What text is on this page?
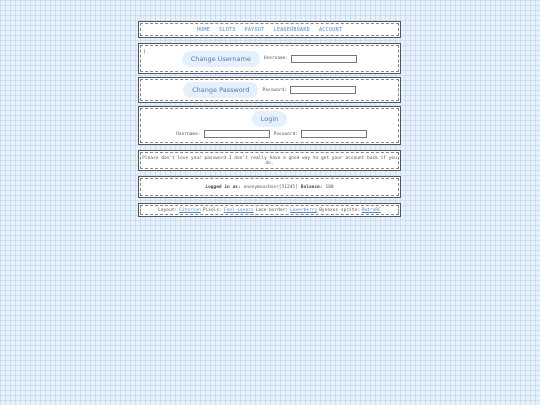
HOME SLOTS PAYOUT LEADERBOARD ACCOUNT
)
Change Username	Username:
Change Password	Password:
Login
Username:	Password:
Please don't lose your password I don't really have a good way to get your account back if you do.
Logged in as: anonymousUser[51245] Balance: 100
Layout: Citorion Pixels: Fool Lovers Lace border: Loverberry Bynexus sprite: RetroRC
